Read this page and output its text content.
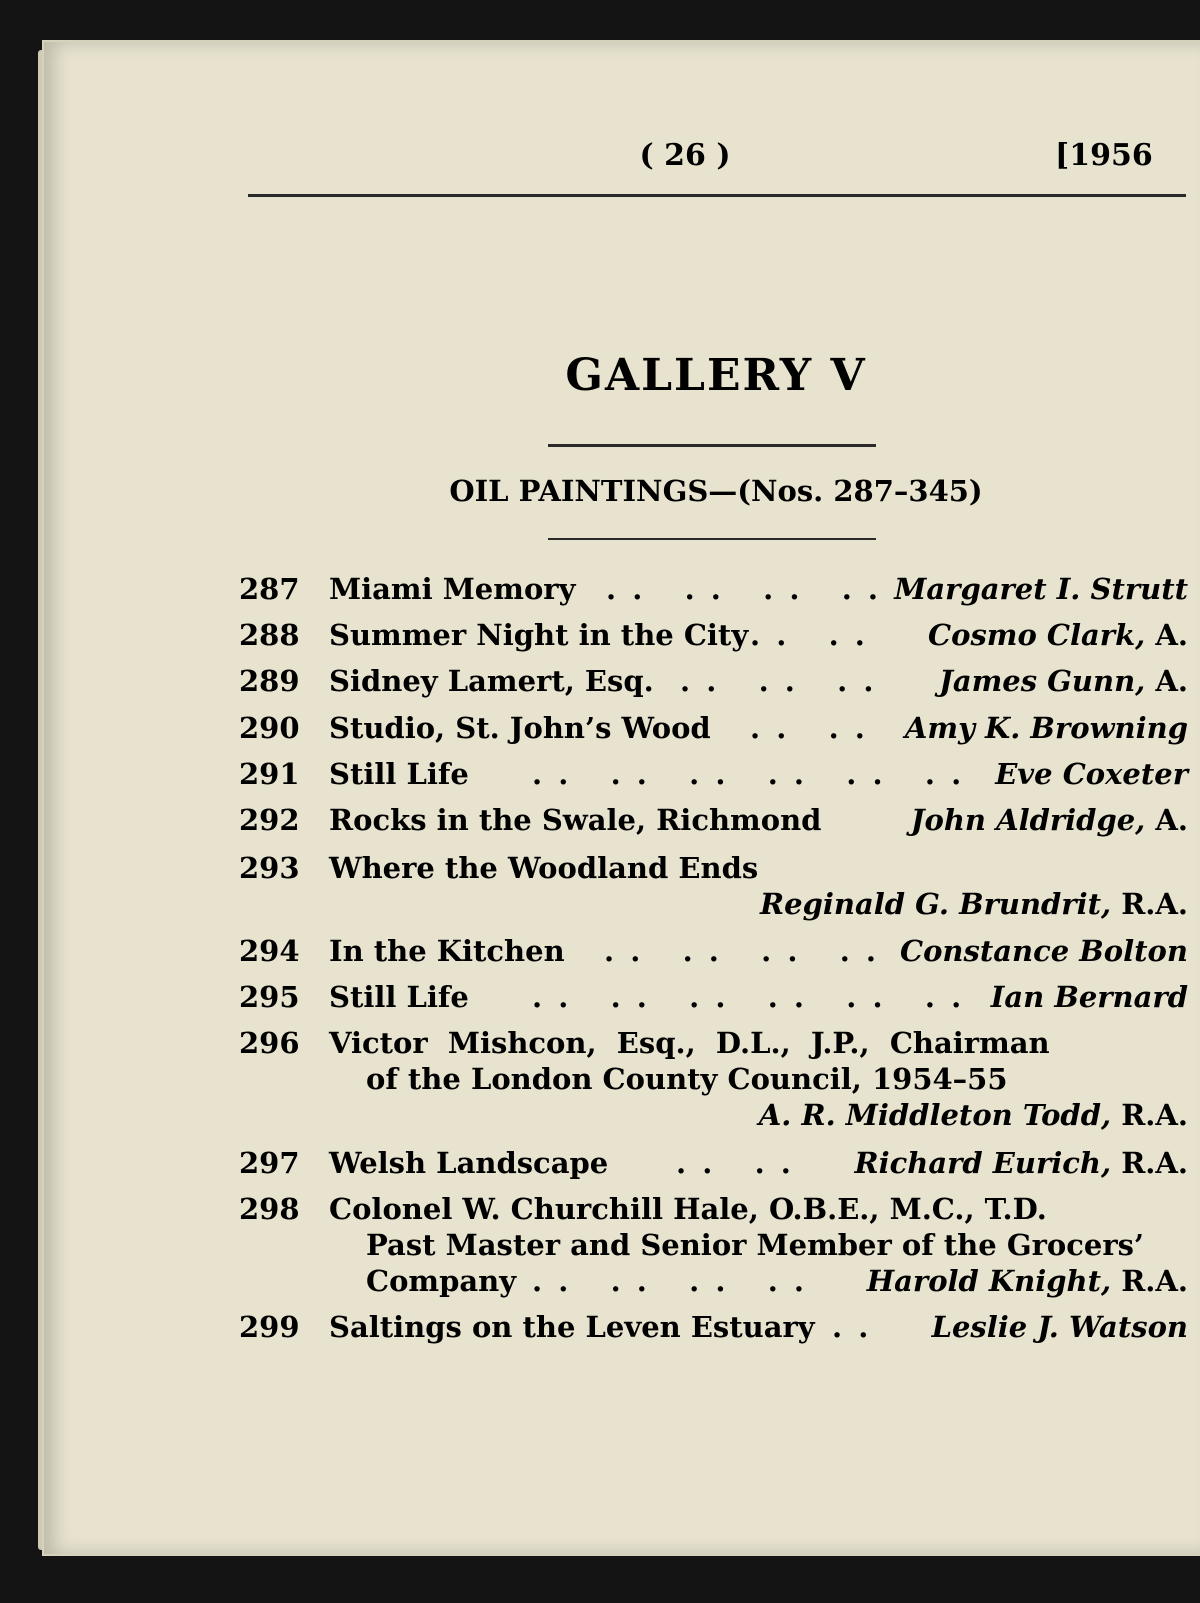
( 26 )	[1956
GALLERY V
OIL PAINTINGS—(Nos. 287–345)
287 Miami Memory . .   . .   . .   . . Margaret I. Strutt
288 Summer Night in the City . .   . . Cosmo Clark, A.
289 Sidney Lamert, Esq. . .   . .   . . James Gunn, A.
290 Studio, St. John’s Wood . .   . . Amy K. Browning
291 Still Life . .   . .   . .   . .   . .   . . Eve Coxeter
292 Rocks in the Swale, Richmond	John Aldridge, A.
293 Where the Woodland Ends
Reginald G. Brundrit, R.A.
294 In the Kitchen . .   . .   . .   . . Constance Bolton
295 Still Life . .   . .   . .   . .   . .   . . Ian Bernard
296 Victor  Mishcon,  Esq.,  D.L.,  J.P.,  Chairman
of the London County Council, 1954–55
A. R. Middleton Todd, R.A.
297 Welsh Landscape . .   . . Richard Eurich, R.A.
298 Colonel W. Churchill Hale, O.B.E., M.C., T.D.
Past Master and Senior Member of the Grocers’
Company . .   . .   . .   . . Harold Knight, R.A.
299 Saltings on the Leven Estuary . . Leslie J. Watson
